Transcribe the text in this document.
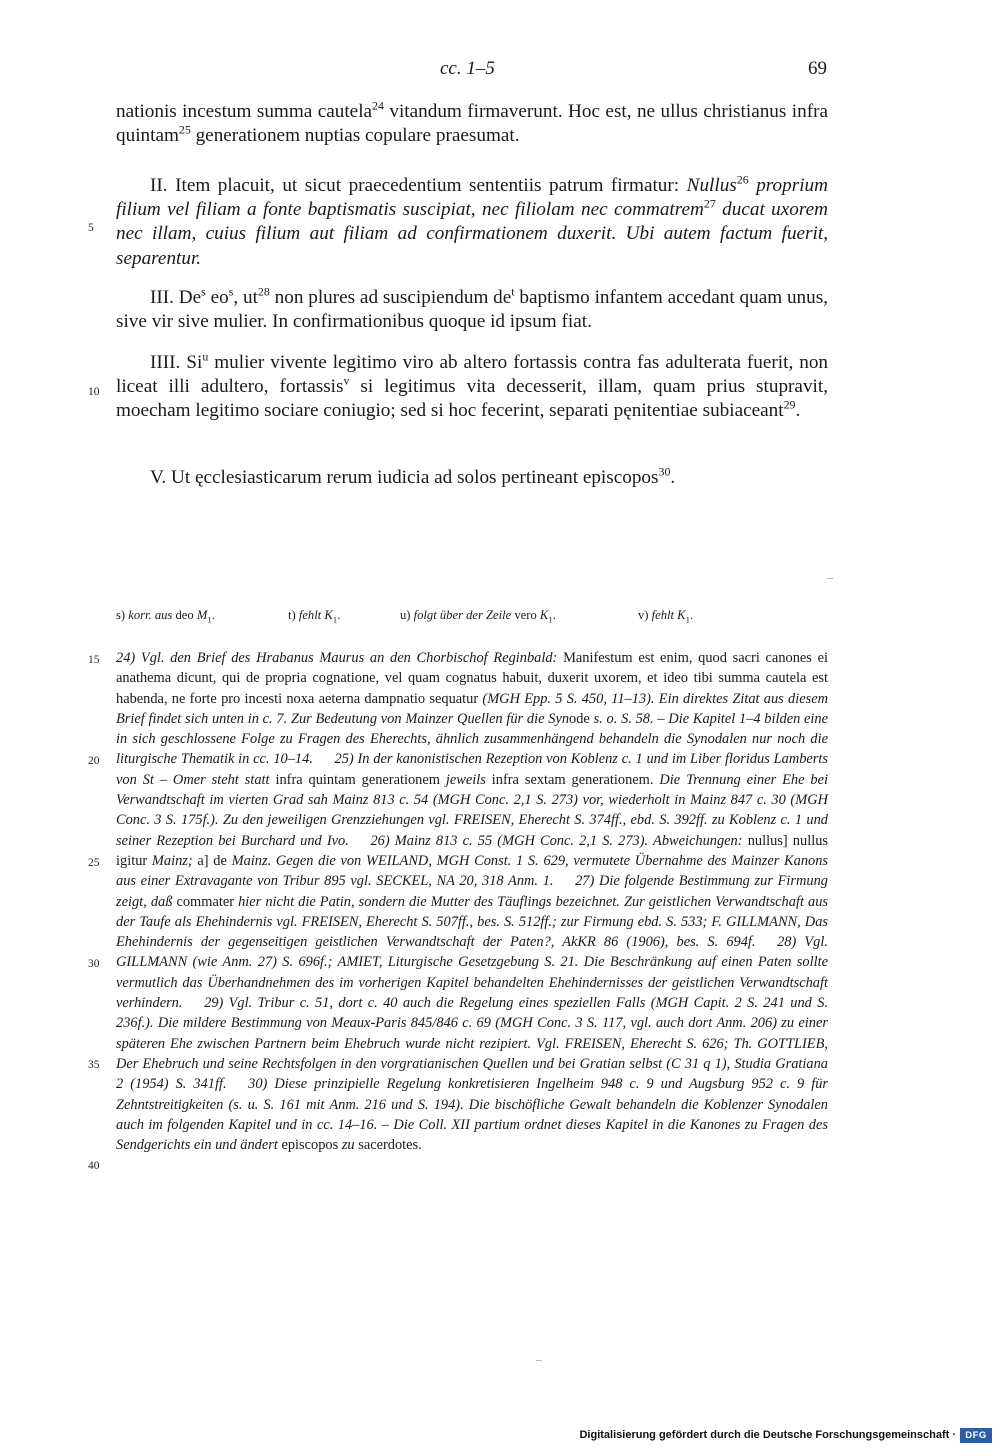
cc. 1–5	69
5
10
15
20
25
30
35
40

nationis incestum summa cautela$^{24}$ vitandum firmaverunt. Hoc est, ne ullus christianus infra quintam$^{25}$ generationem nuptias copulare praesumat.

II. Item placuit, ut sicut praecedentium sententiis patrum firmatur: Nullus$^{26}$ proprium filium vel filiam a fonte baptismatis suscipiat, nec filiolam nec commatrem$^{27}$ ducat uxorem nec illam, cuius filium aut filiam ad confirmationem duxerit. Ubi autem factum fuerit, separentur.

III. De$^s$ $eo^s$, $ut^{28}$ non plures ad suscipiendum $de^t$ baptismo infantem accedant quam unus, sive vir sive mulier. In confirmationibus quoque id ipsum fiat.

IIII. Si$^u$ mulier vivente legitimo viro ab altero fortassis contra fas adulterata fuerit, non liceat illi adultero, fortassis$^v$ si legitimus vita decesserit, illam, quam prius stupravit, moecham legitimo sociare coniugio; sed si hoc fecerint, separati pęnitentiae subiaceant$^{29}$.

V. Ut ęcclesiasticarum rerum iudicia ad solos pertineant episcopos$^{30}$.

s) korr. aus deo $M_1$.	t) fehlt $K_1$.	u) folgt über der Zeile vero $K_1$.	v) fehlt $K_1$.

24) Vgl. den Brief des Hrabanus Maurus an den Chorbischof Reginbald: Manifestum est enim, quod sacri canones ei anathema dicunt, qui de propria cognatione, vel quam cognatus habuit, duxerit uxorem, et ideo tibi summa cautela est habenda, ne forte pro incesti noxa aeterna dampnatio sequatur (MGH Epp. 5 S. 450, 11–13). Ein direktes Zitat aus diesem Brief findet sich unten in c. 7. Zur Bedeutung von Mainzer Quellen für die Synode s. o. S. 58. – Die Kapitel 1–4 bilden eine in sich geschlossene Folge zu Fragen des Eherechts, ähnlich zusammenhängend behandeln die Synodalen nur noch die liturgische Thematik in cc. 10–14.    25) In der kanonistischen Rezeption von Koblenz c. 1 und im Liber floridus Lamberts von St – Omer steht statt infra quintam generationem jeweils infra sextam generationem. Die Trennung einer Ehe bei Verwandtschaft im vierten Grad sah Mainz 813 c. 54 (MGH Conc. 2,1 S. 273) vor, wiederholt in Mainz 847 c. 30 (MGH Conc. 3 S. 175f.). Zu den jeweiligen Grenzziehungen vgl. FREISEN, Eherecht S. 374ff., ebd. S. 392ff. zu Koblenz c. 1 und seiner Rezeption bei Burchard und Ivo.    26) Mainz 813 c. 55 (MGH Conc. 2,1 S. 273). Abweichungen: nullus] nullus igitur Mainz; a] de Mainz. Gegen die von WEILAND, MGH Const. 1 S. 629, vermutete Übernahme des Mainzer Kanons aus einer Extravagante von Tribur 895 vgl. SECKEL, NA 20, 318 Anm. 1.    27) Die folgende Bestimmung zur Firmung zeigt, daß commater hier nicht die Patin, sondern die Mutter des Täuflings bezeichnet. Zur geistlichen Verwandtschaft aus der Taufe als Ehehindernis vgl. FREISEN, Eherecht S. 507ff., bes. S. 512ff.; zur Firmung ebd. S. 533; F. GILLMANN, Das Ehehindernis der gegenseitigen geistlichen Verwandtschaft der Paten?, AkKR 86 (1906), bes. S. 694f.    28) Vgl. GILLMANN (wie Anm. 27) S. 696f.; AMIET, Liturgische Gesetzgebung S. 21. Die Beschränkung auf einen Paten sollte vermutlich das Überhandnehmen des im vorherigen Kapitel behandelten Ehehindernisses der geistlichen Verwandtschaft verhindern.    29) Vgl. Tribur c. 51, dort c. 40 auch die Regelung eines speziellen Falls (MGH Capit. 2 S. 241 und S. 236f.). Die mildere Bestimmung von Meaux-Paris 845/846 c. 69 (MGH Conc. 3 S. 117, vgl. auch dort Anm. 206) zu einer späteren Ehe zwischen Partnern beim Ehebruch wurde nicht rezipiert. Vgl. FREISEN, Eherecht S. 626; Th. GOTTLIEB, Der Ehebruch und seine Rechtsfolgen in den vorgratianischen Quellen und bei Gratian selbst (C 31 q 1), Studia Gratiana 2 (1954) S. 341ff.    30) Diese prinzipielle Regelung konkretisieren Ingelheim 948 c. 9 und Augsburg 952 c. 9 für Zehntstreitigkeiten (s. u. S. 161 mit Anm. 216 und S. 194). Die bischöfliche Gewalt behandeln die Koblenzer Synodalen auch im folgenden Kapitel und in cc. 14–16. – Die Coll. XII partium ordnet dieses Kapitel in die Kanones zu Fragen des Sendgerichts ein und ändert episcopos zu sacerdotes.

Digitalisierung gefördert durch die Deutsche Forschungsgemeinschaft · DFG
